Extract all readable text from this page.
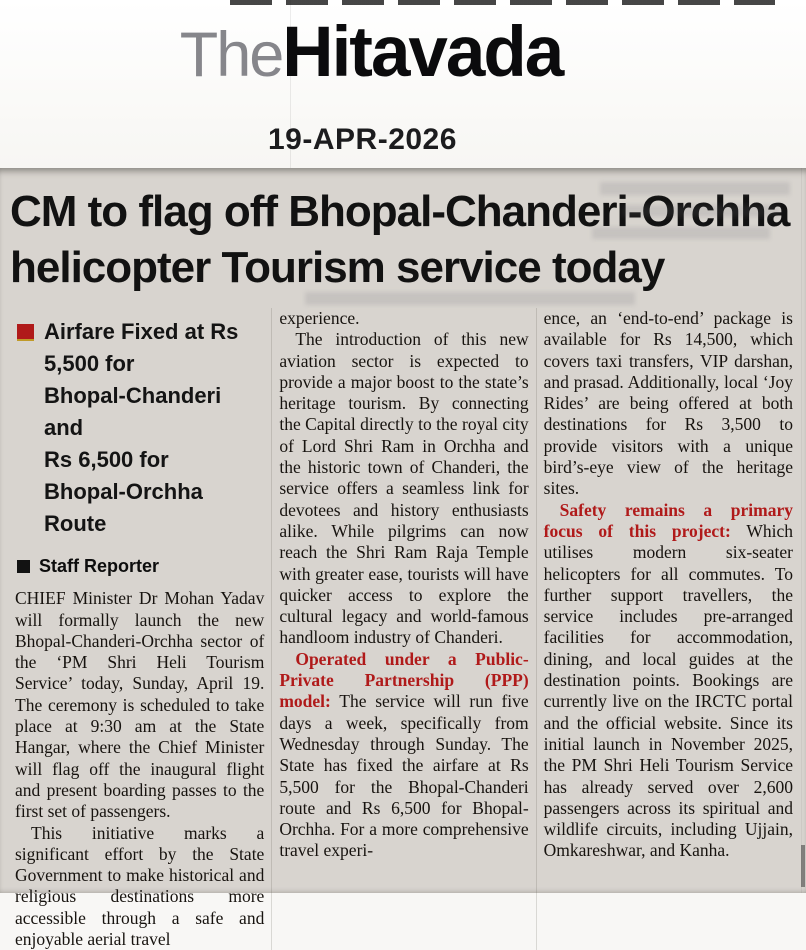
TheHitavada
19-APR-2026
CM to flag off Bhopal-Chanderi-Orchha
helicopter Tourism service today
Airfare Fixed at Rs
5,500 for
Bhopal-Chanderi and
Rs 6,500 for
Bhopal-Orchha Route
Staff Reporter

CHIEF Minister Dr Mohan Yadav will formally launch the new Bhopal-Chanderi-Orchha sector of the ‘PM Shri Heli Tourism Service’ today, Sunday, April 19. The ceremony is scheduled to take place at 9:30 am at the State Hangar, where the Chief Minister will flag off the inaugural flight and present boarding passes to the first set of passengers.

This initiative marks a significant effort by the State Government to make historical and religious destinations more accessible through a safe and enjoyable aerial travel

experience.

The introduction of this new aviation sector is expected to provide a major boost to the state’s heritage tourism. By connecting the Capital directly to the royal city of Lord Shri Ram in Orchha and the historic town of Chanderi, the service offers a seamless link for devotees and history enthusiasts alike. While pilgrims can now reach the Shri Ram Raja Temple with greater ease, tourists will have quicker access to explore the cultural legacy and world-famous handloom industry of Chanderi.

Operated under a Public-Private Partnership (PPP) model: The service will run five days a week, specifically from Wednesday through Sunday. The State has fixed the airfare at Rs 5,500 for the Bhopal-Chanderi route and Rs 6,500 for Bhopal-Orchha. For a more comprehensive travel experi-

ence, an ‘end-to-end’ package is available for Rs 14,500, which covers taxi transfers, VIP darshan, and prasad. Additionally, local ‘Joy Rides’ are being offered at both destinations for Rs 3,500 to provide visitors with a unique bird’s-eye view of the heritage sites.

Safety remains a primary focus of this project: Which utilises modern six-seater helicopters for all commutes. To further support travellers, the service includes pre-arranged facilities for accommodation, dining, and local guides at the destination points. Bookings are currently live on the IRCTC portal and the official website. Since its initial launch in November 2025, the PM Shri Heli Tourism Service has already served over 2,600 passengers across its spiritual and wildlife circuits, including Ujjain, Omkareshwar, and Kanha.
